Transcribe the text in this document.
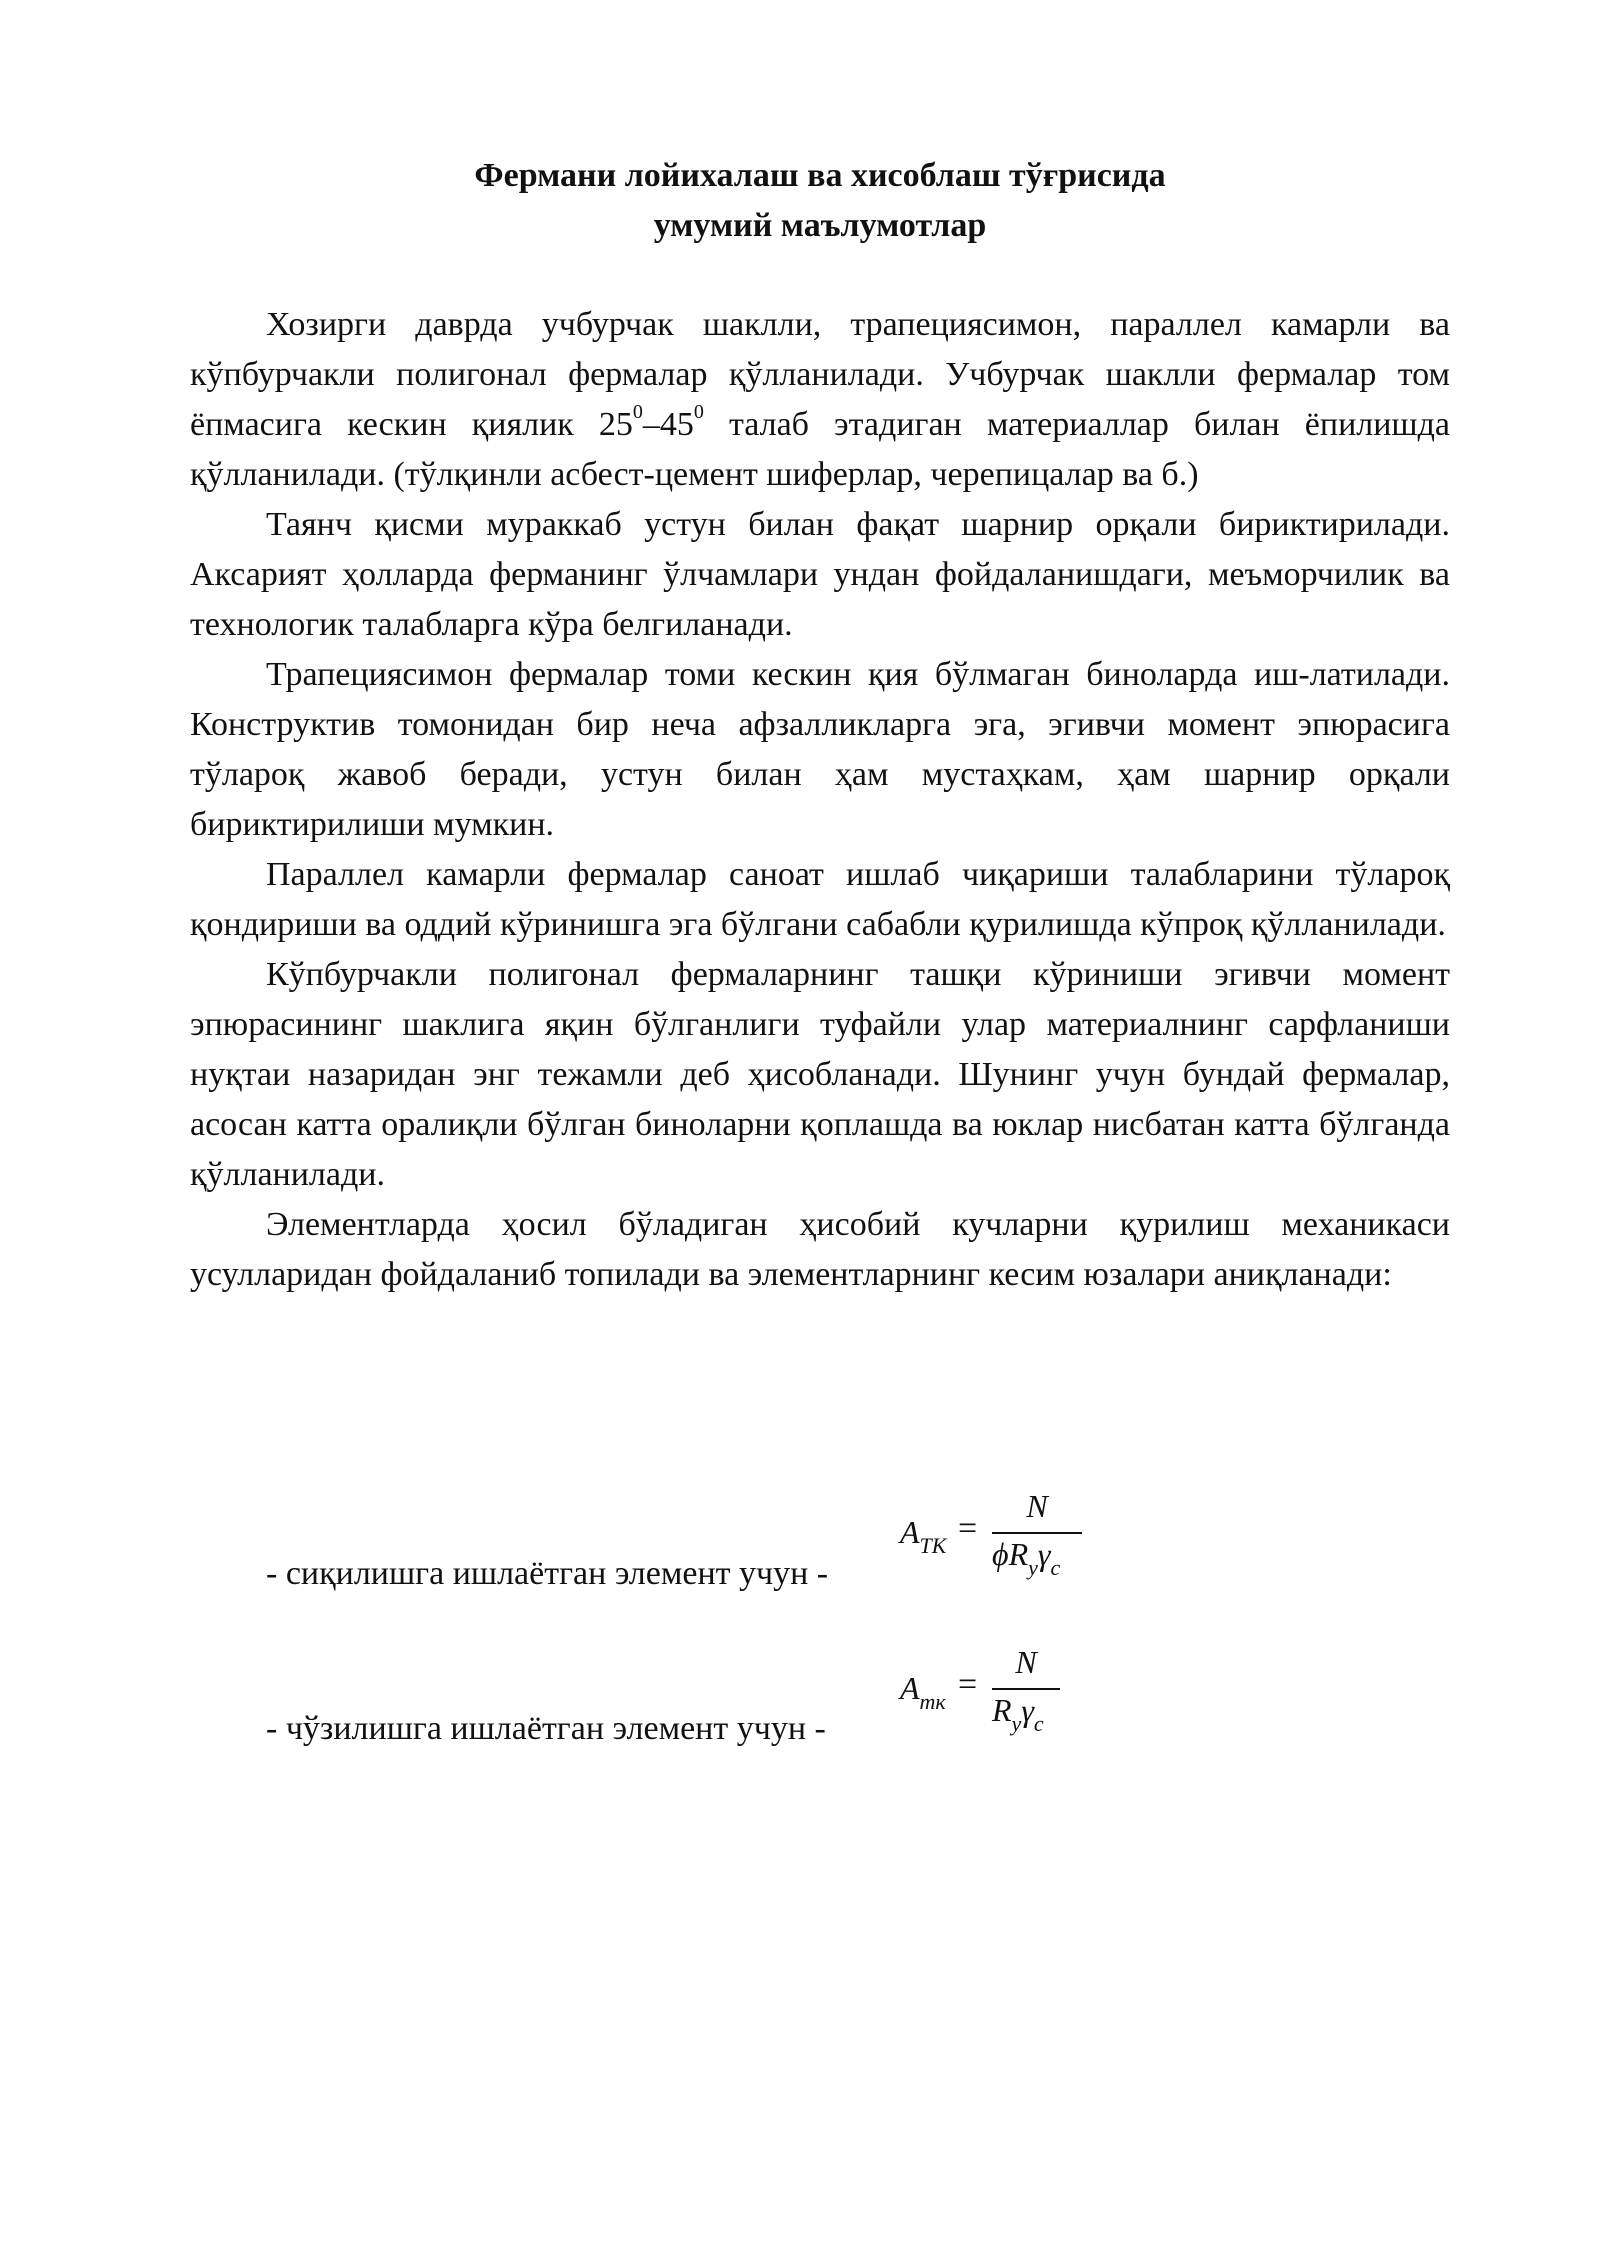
Фермани лойихалаш ва хисоблаш тўғрисида
умумий маълумотлар

Хозирги даврда учбурчак шаклли, трапециясимон, параллел камарли ва кўпбурчакли полигонал фермалар қўлланилади. Учбурчак шаклли фермалар том ёпмасига кескин қиялик $25^0-45^0$ талаб этадиган материаллар билан ёпилишда қўлланилади. (тўлқинли асбест-цемент шиферлар, черепицалар ва б.)

Таянч қисми мураккаб устун билан фақат шарнир орқали бириктирилади. Аксарият ҳолларда ферманинг ўлчамлари ундан фойдаланишдаги, меъморчилик ва технологик талабларга кўра белгиланади.

Трапециясимон фермалар томи кескин қия бўлмаган биноларда иш-латилади. Конструктив томонидан бир неча афзалликларга эга, эгивчи момент эпюрасига тўлароқ жавоб беради, устун билан ҳам мустаҳкам, ҳам шарнир орқали бириктирилиши мумкин.

Параллел камарли фермалар саноат ишлаб чиқариши талабларини тўлароқ қондириши ва оддий кўринишга эга бўлгани сабабли қурилишда кўпроқ қўлланилади.

Кўпбурчакли полигонал фермаларнинг ташқи кўриниши эгивчи момент эпюрасининг шаклига яқин бўлганлиги туфайли улар материалнинг сарфланиши нуқтаи назаридан энг тежамли деб ҳисобланади. Шунинг учун бундай фермалар, асосан катта оралиқли бўлган биноларни қоплашда ва юклар нисбатан катта бўлганда қўлланилади.

Элементларда ҳосил бўладиган ҳисобий кучларни қурилиш механикаси усулларидан фойдаланиб топилади ва элементларнинг кесим юзалари аниқланади:

- сиқилишга ишлаётган элемент учун -
$A_{TK}$ =
N
$\phi R_y\gamma_c$
- чўзилишга ишлаётган элемент учун -
$A_{тк}$ =
N
$R_y\gamma_c$
